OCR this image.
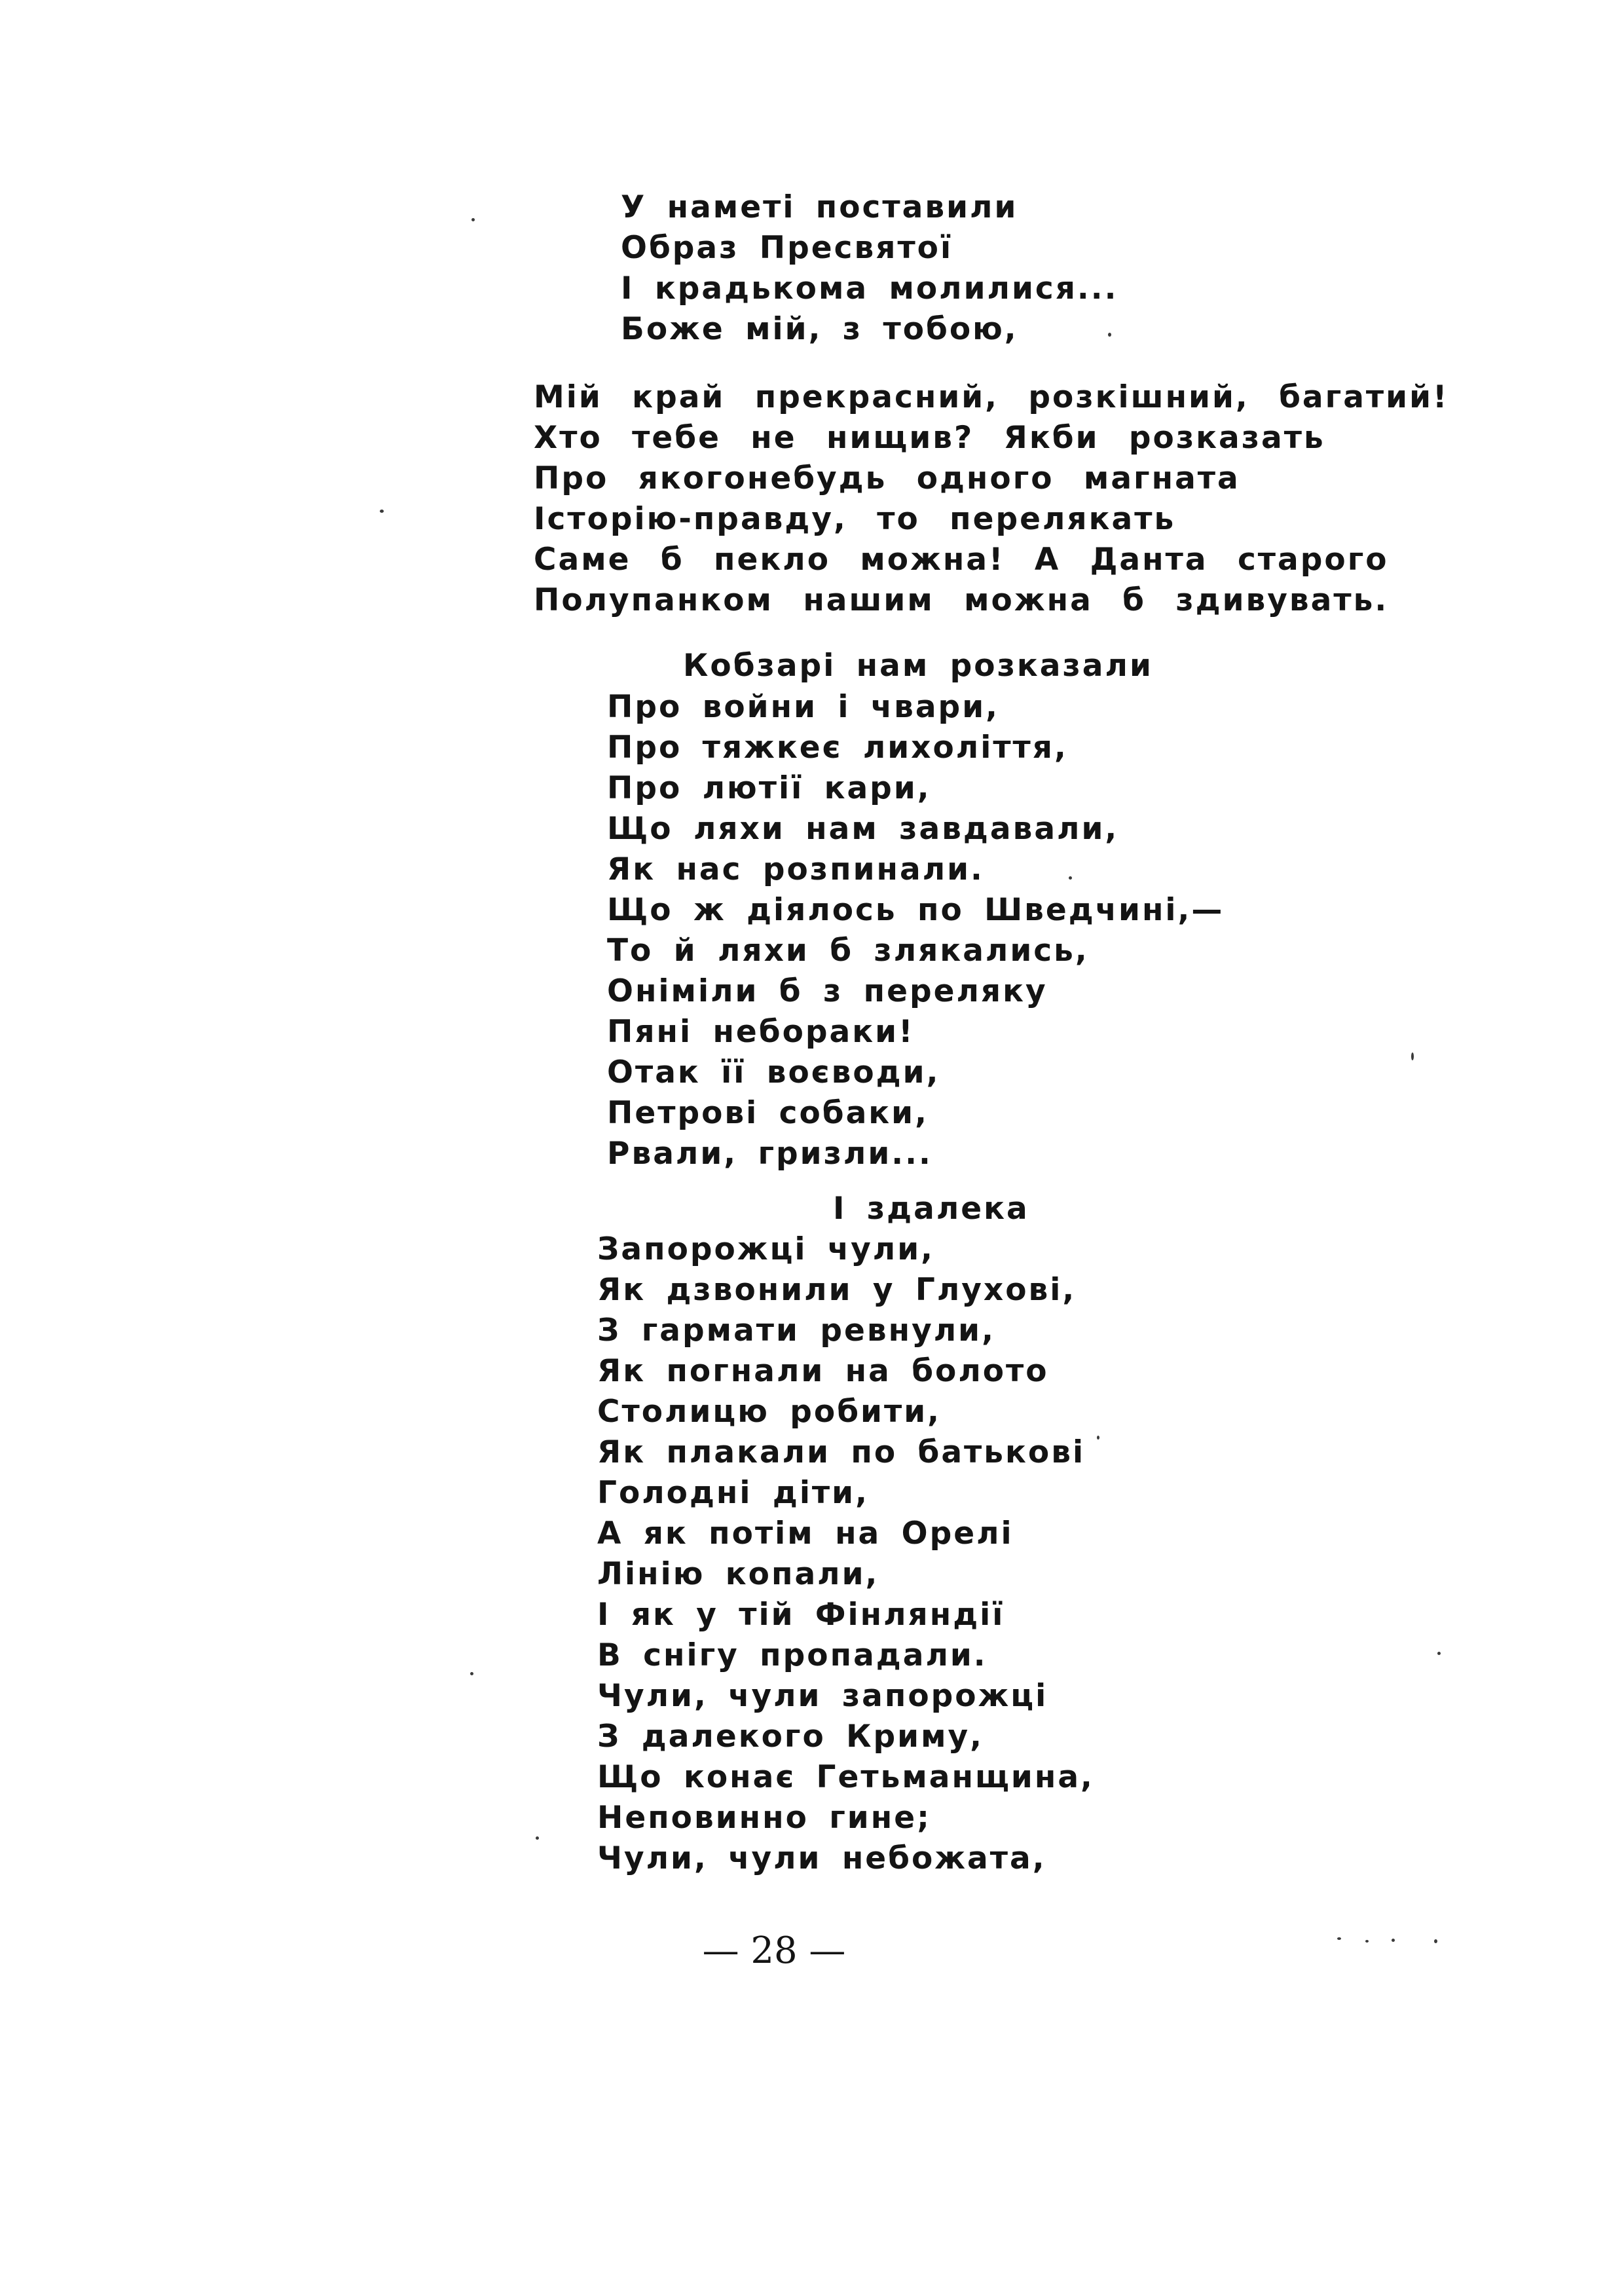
У наметі поставили
Образ Пресвятої
І крадькома молилися...
Боже мій, з тобою,
Мій край прекрасний, розкішний, багатий!
Хто тебе не нищив? Якби розказать
Про якогонебудь одного магната
Історію-правду, то перелякать
Саме б пекло можна! А Данта старого
Полупанком нашим можна б здивувать.
Кобзарі нам розказали
Про войни і чвари,
Про тяжкеє лихоліття,
Про лютії кари,
Що ляхи нам завдавали,
Як нас розпинали.
Що ж діялось по Шведчині,—
То й ляхи б злякались,
Оніміли б з переляку
Пяні небораки!
Отак її воєводи,
Петрові собаки,
Рвали, гризли...
І здалека
Запорожці чули,
Як дзвонили у Глухові,
З гармати ревнули,
Як погнали на болото
Столицю робити,
Як плакали по батькові
Голодні діти,
А як потім на Орелі
Лінію копали,
І як у тій Фінляндії
В снігу пропадали.
Чули, чули запорожці
З далекого Криму,
Що конає Гетьманщина,
Неповинно гине;
Чули, чули небожата,
— 28 —
